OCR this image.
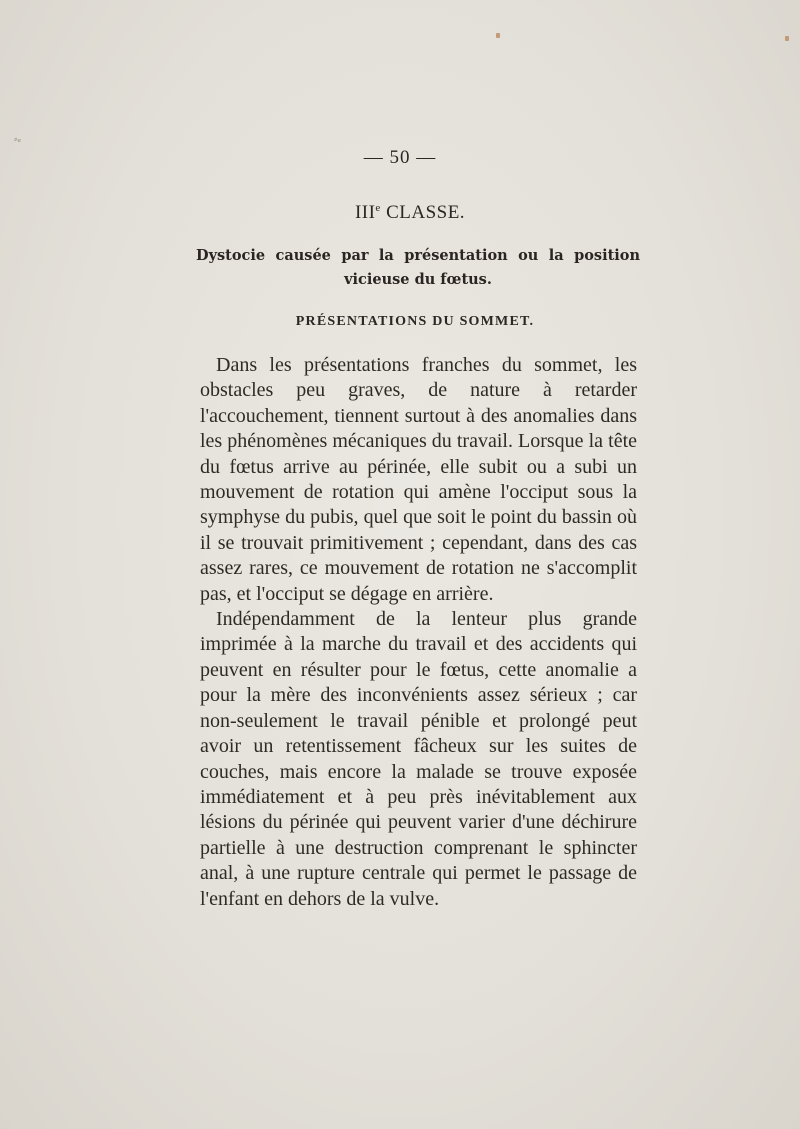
⸗ₑ
— 50 —
IIIe CLASSE.
Dystocie causée par la présentation ou la position vicieuse du fœtus.
PRÉSENTATIONS DU SOMMET.

Dans les présentations franches du sommet, les obstacles peu graves, de nature à retarder l'accouchement, tiennent surtout à des anomalies dans les phénomènes mécaniques du travail. Lorsque la tête du fœtus arrive au périnée, elle subit ou a subi un mouvement de rotation qui amène l'occiput sous la symphyse du pubis, quel que soit le point du bassin où il se trouvait primitivement ; cependant, dans des cas assez rares, ce mouvement de rotation ne s'accomplit pas, et l'occiput se dégage en arrière.

Indépendamment de la lenteur plus grande imprimée à la marche du travail et des accidents qui peuvent en résulter pour le fœtus, cette anomalie a pour la mère des inconvénients assez sérieux ; car non-seulement le travail pénible et prolongé peut avoir un retentissement fâcheux sur les suites de couches, mais encore la malade se trouve exposée immédiatement et à peu près inévitablement aux lésions du périnée qui peuvent varier d'une déchirure partielle à une destruction comprenant le sphincter anal, à une rupture centrale qui permet le passage de l'enfant en dehors de la vulve.
